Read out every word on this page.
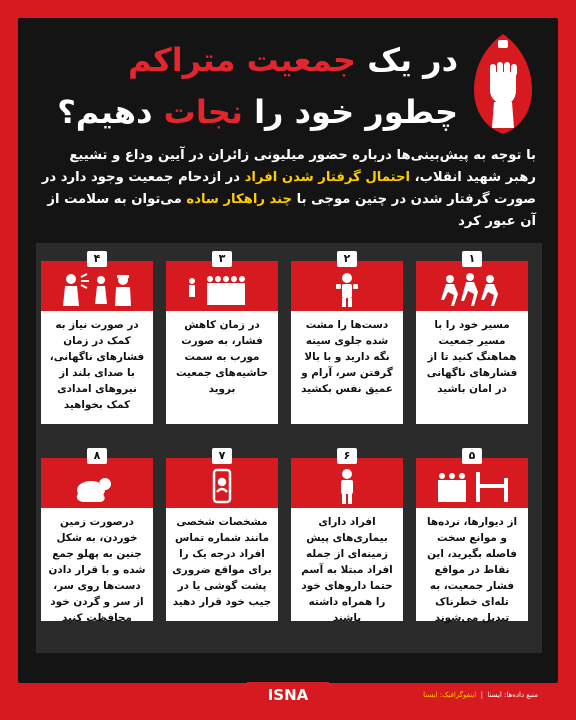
در یک جمعیت متراکم
چطور خود را نجات دهیم؟
با توجه به پیش‌بینی‌ها درباره حضور میلیونی زائران در آیین وداع و تشییع رهبر شهید انقلاب، احتمال گرفتار شدن افراد در ازدحام جمعیت وجود دارد در صورت گرفتار شدن در چنین موجی با چند راهکار ساده می‌توان به سلامت از آن عبور کرد
۱
مسیر خود را با مسیر جمعیت هماهنگ کنید تا از فشارهای ناگهانی در امان باشید
۲
دست‌ها را مشت شده جلوی سینه نگه دارید و با بالا گرفتن سر، آرام و عمیق نفس بکشید
۳
در زمان کاهش فشار، به صورت مورب به سمت حاشیه‌های جمعیت بروید
۴
در صورت نیاز به کمک در زمان فشارهای ناگهانی، با صدای بلند از نیروهای امدادی کمک بخواهید
۵
از دیوارها، نرده‌ها و موانع سخت فاصله بگیرید، این نقاط در مواقع فشار جمعیت، به تله‌ای خطرناک تبدیل می‌شوند
۶
افراد دارای بیماری‌های پیش زمینه‌ای از جمله افراد مبتلا به آسم حتما داروهای خود را همراه داشته باشند
۷
مشخصات شخصی مانند شماره تماس افراد درجه یک را برای مواقع ضروری پشت گوشی یا در جیب خود قرار دهید
۸
درصورت زمین خوردن، به شکل جنین به پهلو جمع شده و با قرار دادن دست‌ها روی سر، از سر و گردن خود محافظت کنید
ISNA	منبع داده‌ها: ایسنا  |  اینفوگرافیک: ایسنا
